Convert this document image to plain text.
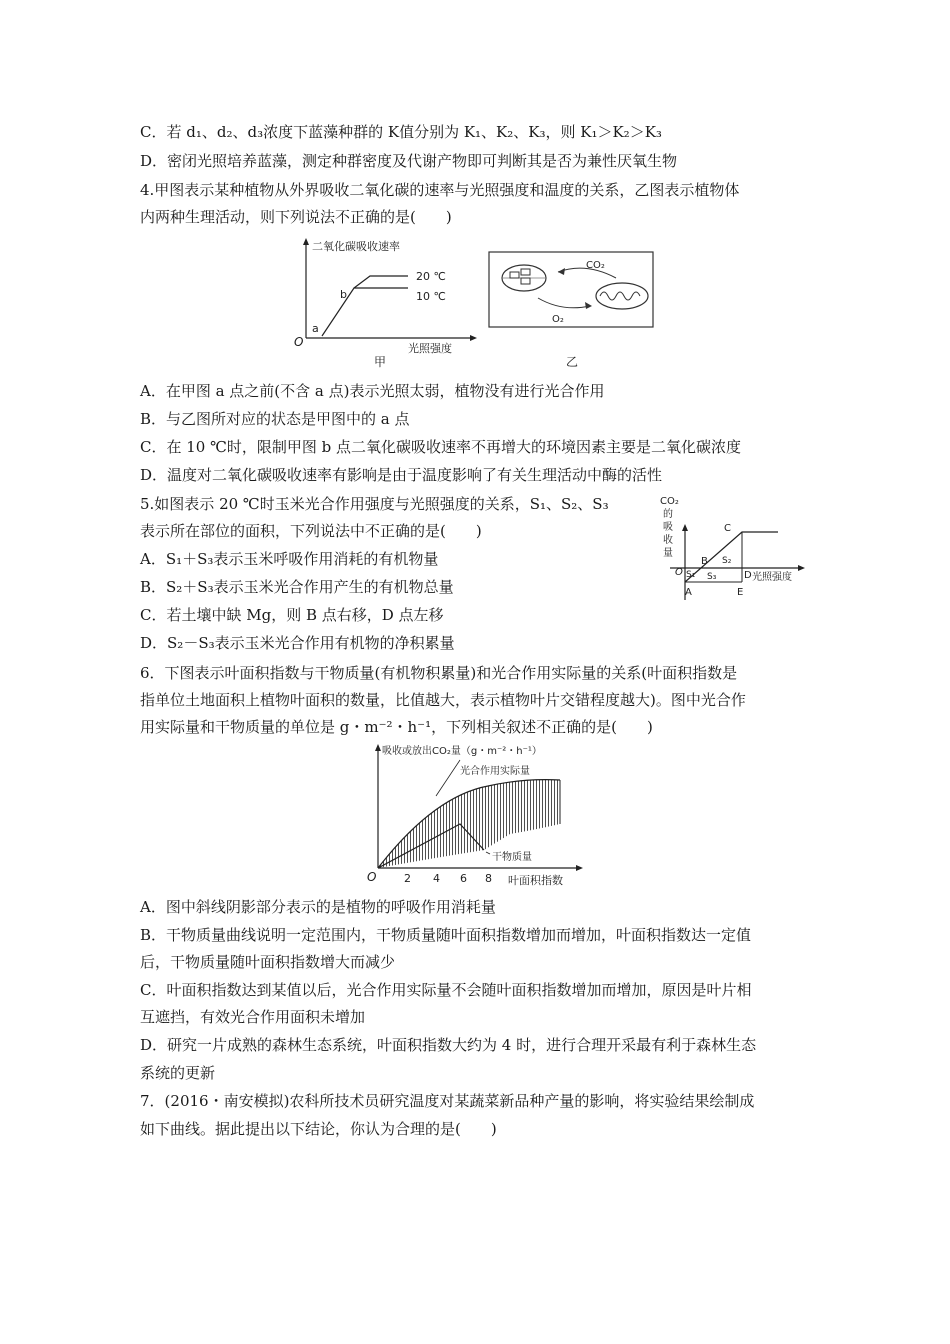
C．若 d₁、d₂、d₃浓度下蓝藻种群的 K值分别为 K₁、K₂、K₃，则 K₁＞K₂＞K₃
D．密闭光照培养蓝藻，测定种群密度及代谢产物即可判断其是否为兼性厌氧生物
4.甲图表示某种植物从外界吸收二氧化碳的速率与光照强度和温度的关系，乙图表示植物体
内两种生理活动，则下列说法不正确的是(　　)
二氧化碳吸收速率
20 ℃
10 ℃
b
a
O	光照强度
甲
CO₂
O₂
乙
A．在甲图 a 点之前(不含 a 点)表示光照太弱，植物没有进行光合作用
B．与乙图所对应的状态是甲图中的 a 点
C．在 10 ℃时，限制甲图 b 点二氧化碳吸收速率不再增大的环境因素主要是二氧化碳浓度
D．温度对二氧化碳吸收速率有影响是由于温度影响了有关生理活动中酶的活性
5.如图表示 20 ℃时玉米光合作用强度与光照强度的关系，S₁、S₂、S₃
表示所在部位的面积，下列说法中不正确的是(　　)
A．S₁＋S₃表示玉米呼吸作用消耗的有机物量
B．S₂＋S₃表示玉米光合作用产生的有机物总量
C．若土壤中缺 Mg，则 B 点右移，D 点左移
D．S₂－S₃表示玉米光合作用有机物的净积累量
CO₂
的
吸
收
量
O
C
B S₂
S₁ S₃	D 光照强度
A	E
6．下图表示叶面积指数与干物质量(有机物积累量)和光合作用实际量的关系(叶面积指数是
指单位土地面积上植物叶面积的数量，比值越大，表示植物叶片交错程度越大)。图中光合作
用实际量和干物质量的单位是 g・m⁻²・h⁻¹，下列相关叙述不正确的是(　　)
吸收或放出CO₂量（g・m⁻²・h⁻¹）
光合作用实际量
干物质量
O	2 4 6 8 叶面积指数
A．图中斜线阴影部分表示的是植物的呼吸作用消耗量
B．干物质量曲线说明一定范围内，干物质量随叶面积指数增加而增加，叶面积指数达一定值
后，干物质量随叶面积指数增大而减少
C．叶面积指数达到某值以后，光合作用实际量不会随叶面积指数增加而增加，原因是叶片相
互遮挡，有效光合作用面积未增加
D．研究一片成熟的森林生态系统，叶面积指数大约为 4 时，进行合理开采最有利于森林生态
系统的更新
7．(2016・南安模拟)农科所技术员研究温度对某蔬菜新品种产量的影响，将实验结果绘制成
如下曲线。据此提出以下结论，你认为合理的是(　　)
